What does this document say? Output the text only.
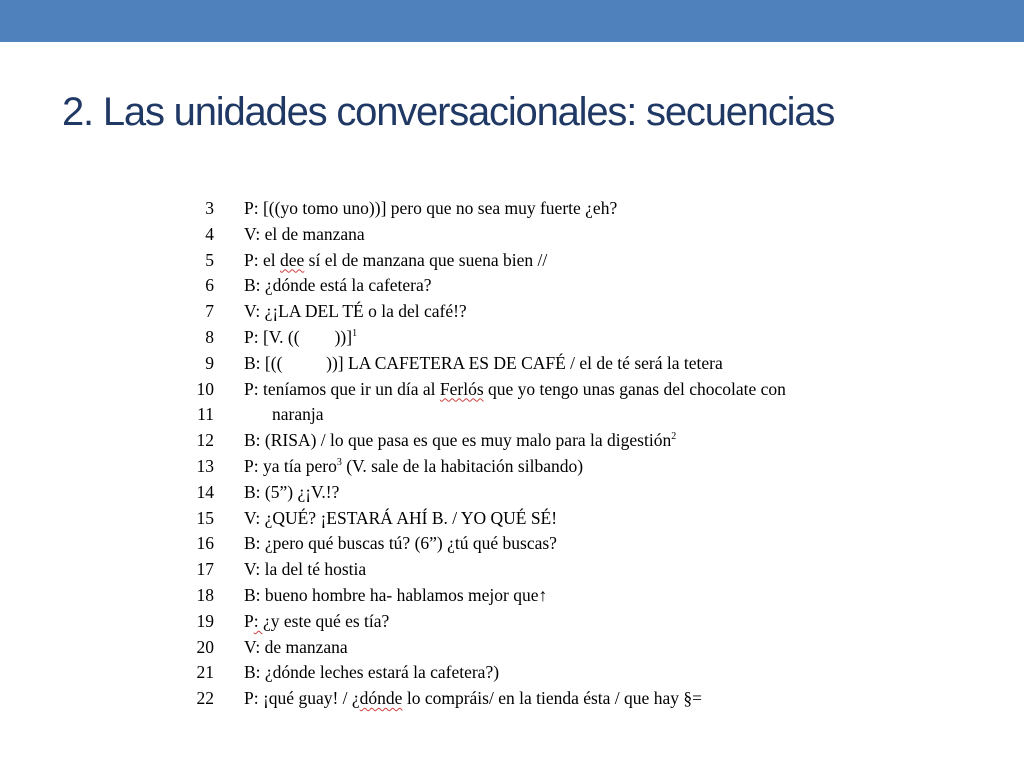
2. Las unidades conversacionales: secuencias
3 P: [((yo tomo uno))] pero que no sea muy fuerte ¿eh?
4 V: el de manzana
5 P: el dee sí el de manzana que suena bien //
6 B: ¿dónde está la cafetera?
7 V: ¿¡LA DEL TÉ o la del café!?
8 P: [V. ((        ))]$^1$
9 B: [((          ))] LA CAFETERA ES DE CAFÉ / el de té será la tetera
10 P: teníamos que ir un día al Ferlós que yo tengo unas ganas del chocolate con
11	naranja
12 B: (RISA) / lo que pasa es que es muy malo para la digestión$^2$
13 P: ya tía pero$^3$ (V. sale de la habitación silbando)
14 B: (5”) ¿¡V.!?
15 V: ¿QUÉ? ¡ESTARÁ AHÍ B. / YO QUÉ SÉ!
16 B: ¿pero qué buscas tú? (6”) ¿tú qué buscas?
17 V: la del té hostia
18 B: bueno hombre ha- hablamos mejor que↑
19 P: ¿y este qué es tía?
20 V: de manzana
21 B: ¿dónde leches estará la cafetera?)
22 P: ¡qué guay! / ¿dónde lo compráis/ en la tienda ésta / que hay §=
